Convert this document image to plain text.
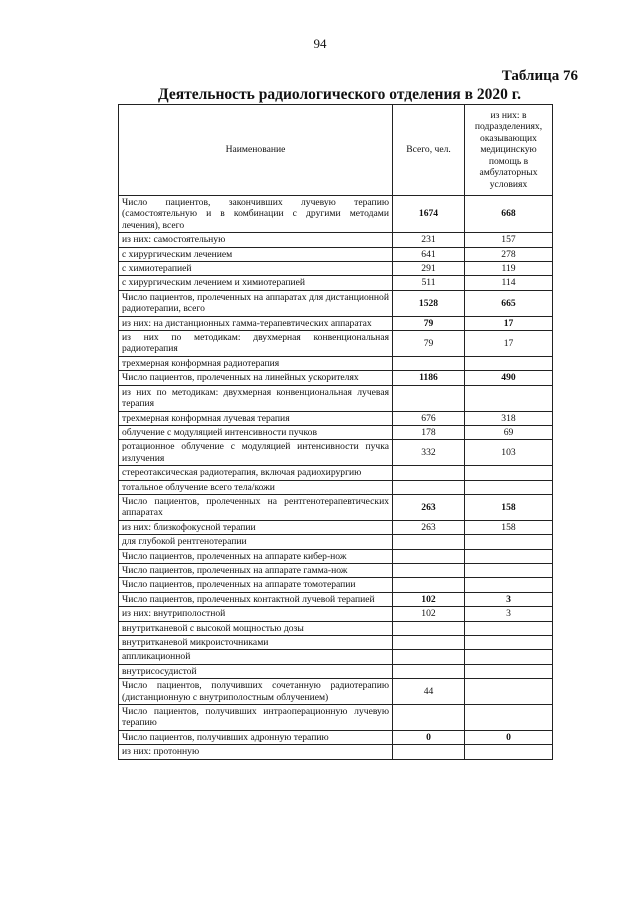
94
Таблица 76
Деятельность радиологического отделения в 2020 г.
Наименование	Всего, чел.	из них: в подразделениях, оказывающих медицинскую помощь в амбулаторных условиях
Число пациентов, закончивших лучевую терапию (самостоятельную и в комбинации с другими методами лечения), всего	1674	668
из них: самостоятельную	231	157
с хирургическим лечением	641	278
с химиотерапией	291	119
с хирургическим лечением и химиотерапией	511	114
Число пациентов, пролеченных на аппаратах для дистанционной радиотерапии, всего	1528	665
из них: на дистанционных гамма-терапевтических аппаратах	79	17
из них по методикам: двухмерная конвенциональная радиотерапия	79	17
трехмерная конформная радиотерапия		
Число пациентов, пролеченных на линейных ускорителях	1186	490
из них по методикам: двухмерная конвенциональная лучевая терапия		
трехмерная конформная лучевая терапия	676	318
облучение с модуляцией интенсивности пучков	178	69
ротационное облучение с модуляцией интенсивности пучка излучения	332	103
стереотаксическая радиотерапия, включая радиохирургию		
тотальное облучение всего тела/кожи		
Число пациентов, пролеченных на рентгенотерапевтических аппаратах	263	158
из них: близкофокусной терапии	263	158
для глубокой рентгенотерапии		
Число пациентов, пролеченных на аппарате кибер-нож		
Число пациентов, пролеченных на аппарате гамма-нож		
Число пациентов, пролеченных на аппарате томотерапии		
Число пациентов, пролеченных контактной лучевой терапией	102	3
из них: внутриполостной	102	3
внутритканевой с высокой мощностью дозы		
внутритканевой микроисточниками		
аппликационной		
внутрисосудистой		
Число пациентов, получивших сочетанную радиотерапию (дистанционную с внутриполостным облучением)	44	
Число пациентов, получивших интраоперационную лучевую терапию		
Число пациентов, получивших адронную терапию	0	0
из них: протонную		
